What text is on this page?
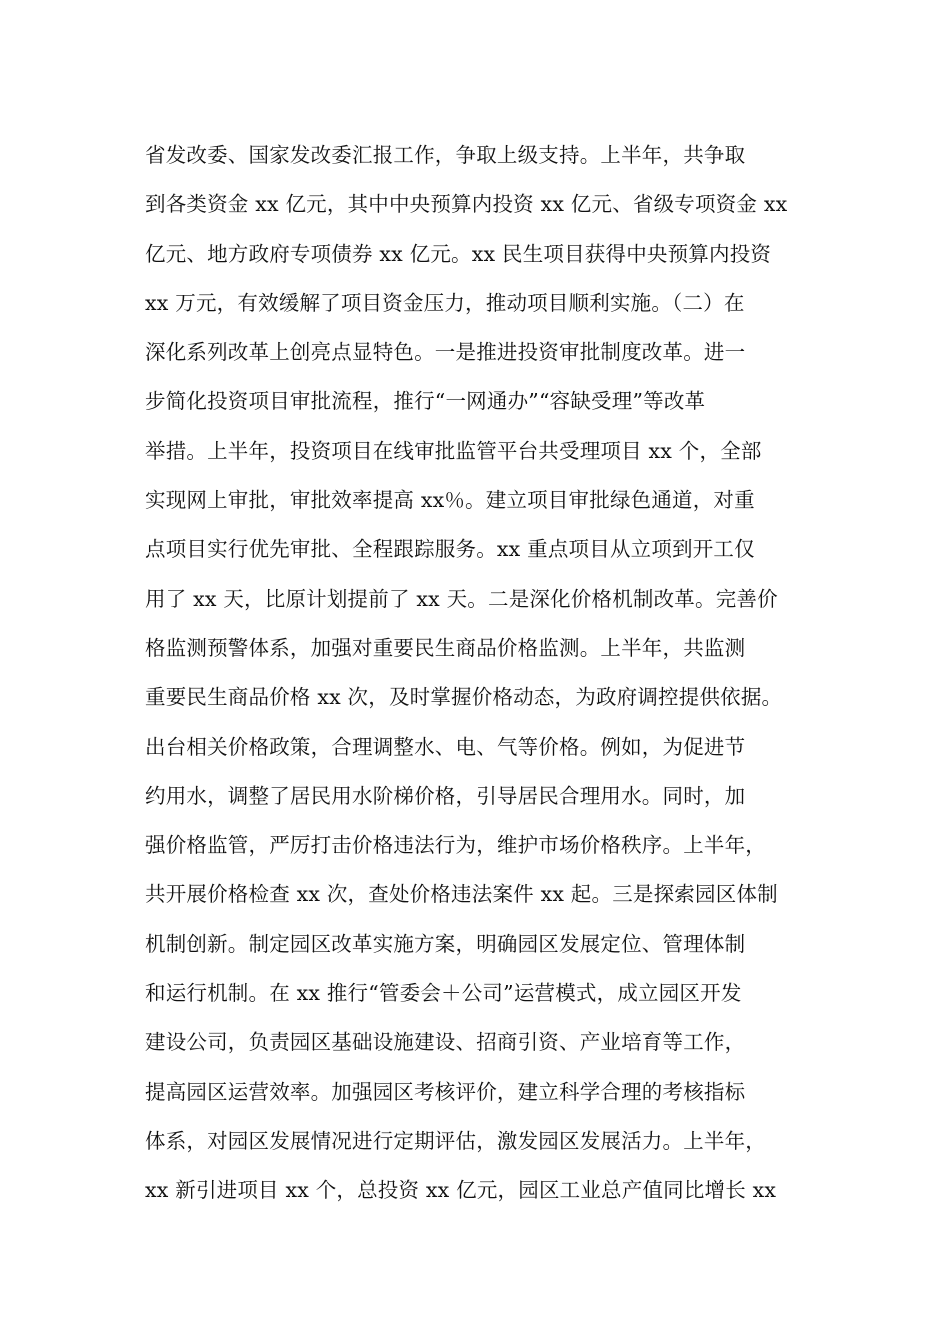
省发改委、国家发改委汇报工作，争取上级支持。上半年，共争取
到各类资金 xx 亿元，其中中央预算内投资 xx 亿元、省级专项资金 xx
亿元、地方政府专项债券 xx 亿元。xx 民生项目获得中央预算内投资
xx 万元，有效缓解了项目资金压力，推动项目顺利实施。（二）在
深化系列改革上创亮点显特色。一是推进投资审批制度改革。进一
步简化投资项目审批流程，推行“一网通办”“容缺受理”等改革
举措。上半年，投资项目在线审批监管平台共受理项目 xx 个，全部
实现网上审批，审批效率提高 xx％。建立项目审批绿色通道，对重
点项目实行优先审批、全程跟踪服务。xx 重点项目从立项到开工仅
用了 xx 天，比原计划提前了 xx 天。二是深化价格机制改革。完善价
格监测预警体系，加强对重要民生商品价格监测。上半年，共监测
重要民生商品价格 xx 次，及时掌握价格动态，为政府调控提供依据。
出台相关价格政策，合理调整水、电、气等价格。例如，为促进节
约用水，调整了居民用水阶梯价格，引导居民合理用水。同时，加
强价格监管，严厉打击价格违法行为，维护市场价格秩序。上半年，
共开展价格检查 xx 次，查处价格违法案件 xx 起。三是探索园区体制
机制创新。制定园区改革实施方案，明确园区发展定位、管理体制
和运行机制。在 xx 推行“管委会＋公司”运营模式，成立园区开发
建设公司，负责园区基础设施建设、招商引资、产业培育等工作，
提高园区运营效率。加强园区考核评价，建立科学合理的考核指标
体系，对园区发展情况进行定期评估，激发园区发展活力。上半年，
xx 新引进项目 xx 个，总投资 xx 亿元，园区工业总产值同比增长 xx
